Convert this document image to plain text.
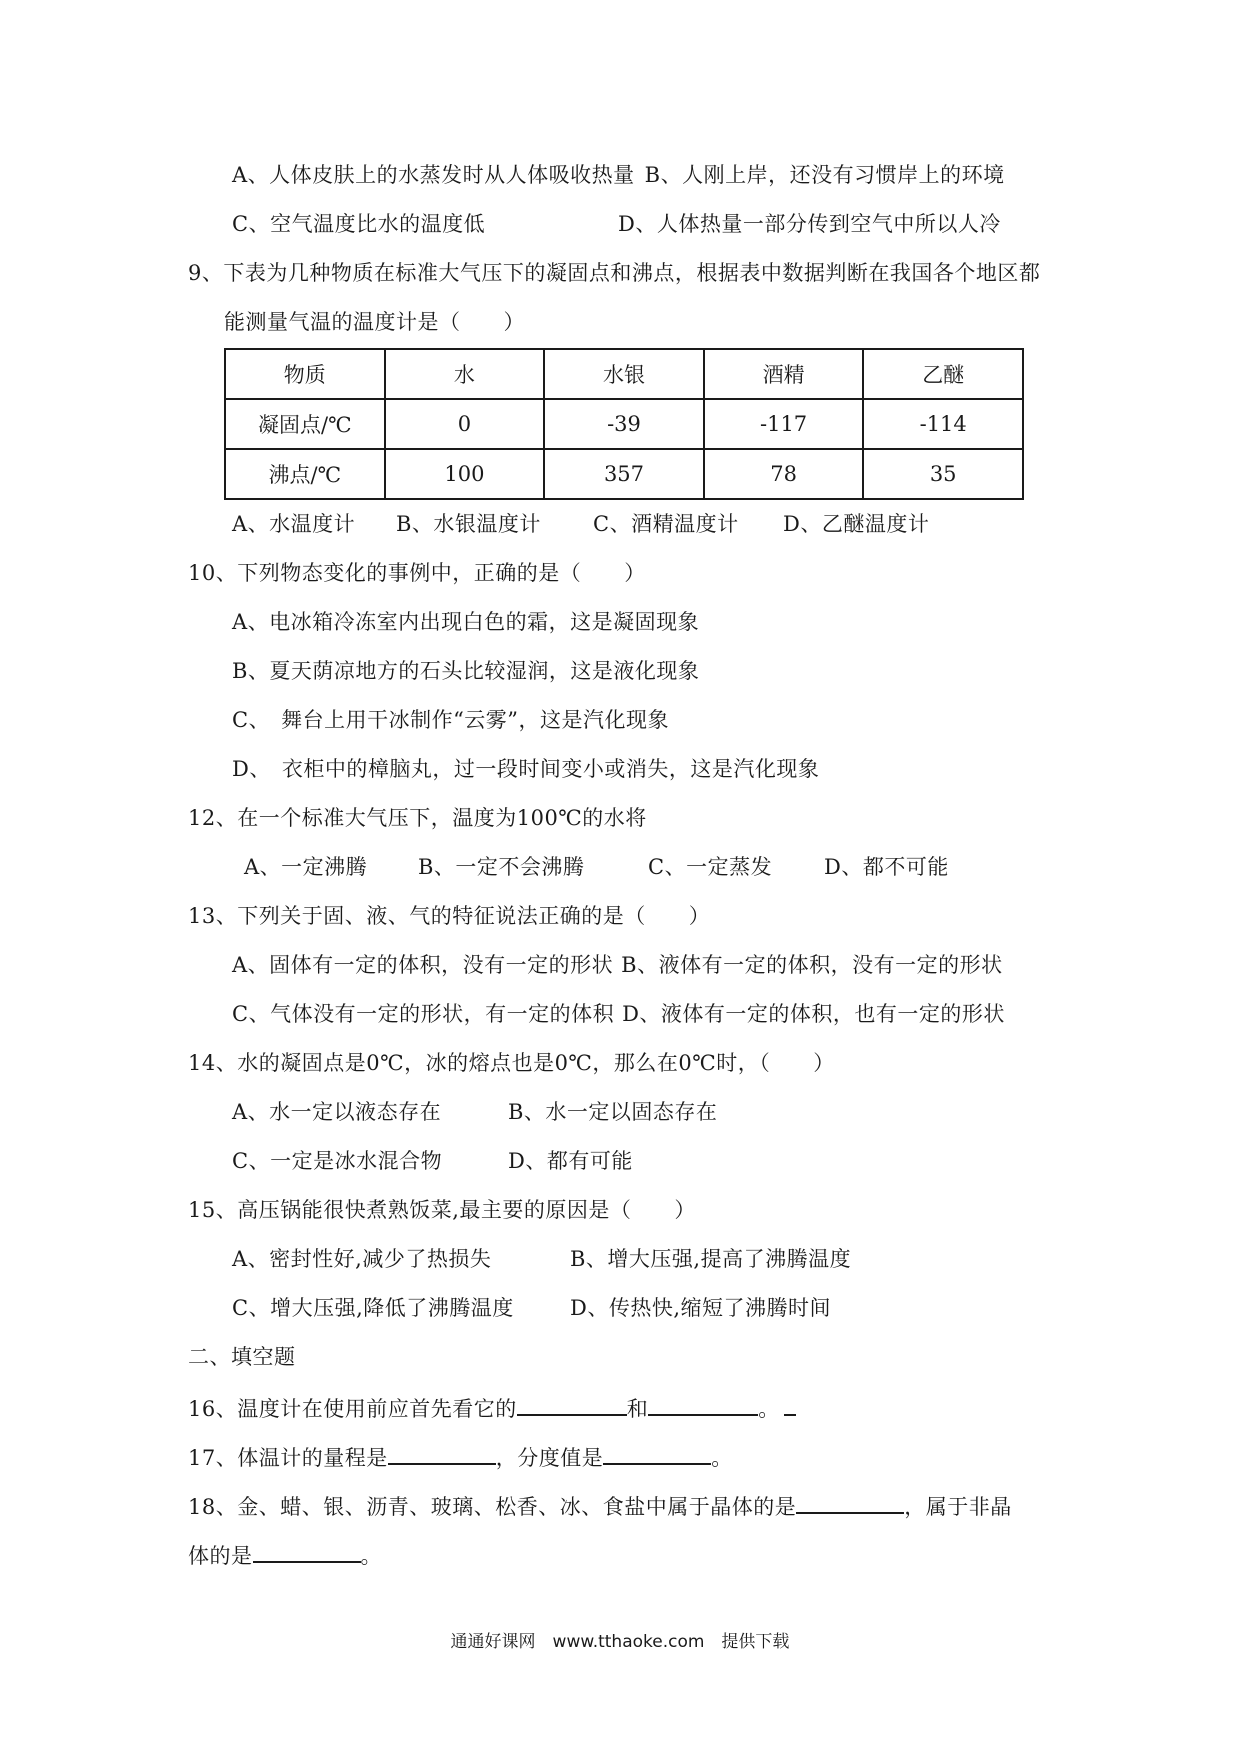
A、人体皮肤上的水蒸发时从人体吸收热量 B、人刚上岸，还没有习惯岸上的环境
C、空气温度比水的温度低	D、人体热量一部分传到空气中所以人冷
9、下表为几种物质在标准大气压下的凝固点和沸点，根据表中数据判断在我国各个地区都
能测量气温的温度计是（　　）
物质	水	水银	酒精	乙醚
凝固点/℃	0	-39	-117	-114
沸点/℃	100	357	78	35
A、水温度计 B、水银温度计 C、酒精温度计 D、乙醚温度计
10、下列物态变化的事例中，正确的是（　　）
A、电冰箱冷冻室内出现白色的霜，这是凝固现象
B、夏天荫凉地方的石头比较湿润，这是液化现象
C、　舞台上用干冰制作“云雾”，这是汽化现象
D、　衣柜中的樟脑丸，过一段时间变小或消失，这是汽化现象
12、在一个标准大气压下，温度为100℃的水将
A、一定沸腾 B、一定不会沸腾	C、一定蒸发 D、都不可能
13、下列关于固、液、气的特征说法正确的是（　　）
A、固体有一定的体积，没有一定的形状 B、液体有一定的体积，没有一定的形状
C、气体没有一定的形状，有一定的体积 D、液体有一定的体积，也有一定的形状
14、水的凝固点是0℃，冰的熔点也是0℃，那么在0℃时，（　　）
A、水一定以液态存在	B、水一定以固态存在
C、一定是冰水混合物	D、都有可能
15、高压锅能很快煮熟饭菜,最主要的原因是（　　）
A、密封性好,减少了热损失	B、增大压强,提高了沸腾温度
C、增大压强,降低了沸腾温度	D、传热快,缩短了沸腾时间
二、填空题
16、温度计在使用前应首先看它的	和	。
17、体温计的量程是	，分度值是	。
18、金、蜡、银、沥青、玻璃、松香、冰、食盐中属于晶体的是	，属于非晶
体的是	。
通通好课网　www.tthaoke.com　提供下载
